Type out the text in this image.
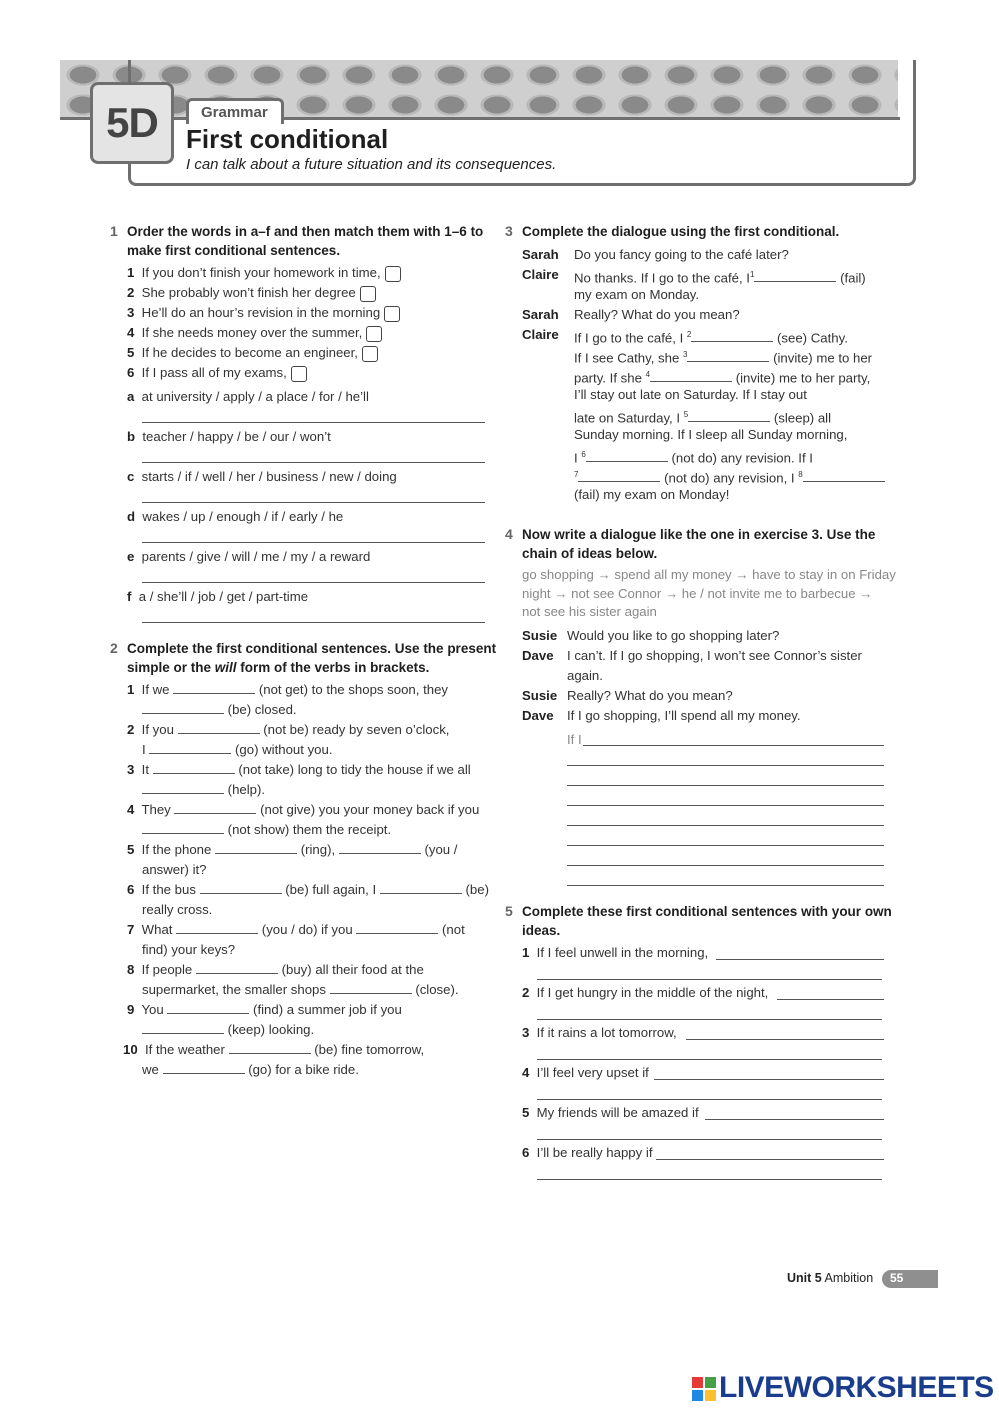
5D	Grammar
First conditional
I can talk about a future situation and its consequences.
1 Order the words in a–f and then match them with 1–6 to
make first conditional sentences.
1 If you don’t finish your homework in time,
2 She probably won’t finish her degree
3 He’ll do an hour’s revision in the morning
4 If she needs money over the summer,
5 If he decides to become an engineer,
6 If I pass all of my exams,
a at university / apply / a place / for / he’ll
b teacher / happy / be / our / won’t
c starts / if / well / her / business / new / doing
d wakes / up / enough / if / early / he
e parents / give / will / me / my / a reward
f a / she’ll / job / get / part-time
2 Complete the first conditional sentences. Use the present
simple or the will form of the verbs in brackets.
1 If we	(not get) to the shops soon, they
(be) closed.
2 If you	(not be) ready by seven o’clock,
I	(go) without you.
3 It	(not take) long to tidy the house if we all
(help).
4 They	(not give) you your money back if you
(not show) them the receipt.
5 If the phone	(ring),	(you /
answer) it?
6 If the bus	(be) full again, I	(be)
really cross.
7 What	(you / do) if you	(not
find) your keys?
8 If people	(buy) all their food at the
supermarket, the smaller shops	(close).
9 You	(find) a summer job if you
(keep) looking.
10 If the weather	(be) fine tomorrow,
we	(go) for a bike ride.
3 Complete the dialogue using the first conditional.
Sarah Do you fancy going to the café later?
Claire No thanks. If I go to the café, $I^1$	(fail)
my exam on Monday.
Sarah Really? What do you mean?
Claire If I go to the café, I $^2$	(see) Cathy.
If I see Cathy, she $^3$	(invite) me to her
party. If she $^4$	(invite) me to her party,
I’ll stay out late on Saturday. If I stay out
late on Saturday, I $^5$	(sleep) all
Sunday morning. If I sleep all Sunday morning,
I $^6$	(not do) any revision. If I
$^7$	(not do) any revision, I $^8$
(fail) my exam on Monday!
4 Now write a dialogue like the one in exercise 3. Use the
chain of ideas below.
go shopping → spend all my money → have to stay in on Friday
night → not see Connor → he / not invite me to barbecue →
not see his sister again
Susie Would you like to go shopping later?
Dave I can’t. If I go shopping, I won’t see Connor’s sister
again.
Susie Really? What do you mean?
Dave If I go shopping, I’ll spend all my money.
If I
5 Complete these first conditional sentences with your own
ideas.
1 If I feel unwell in the morning,
2 If I get hungry in the middle of the night,
3 If it rains a lot tomorrow,
4 I’ll feel very upset if
5 My friends will be amazed if
6 I’ll be really happy if
Unit 5 Ambition	55
LIVEWORKSHEETS
